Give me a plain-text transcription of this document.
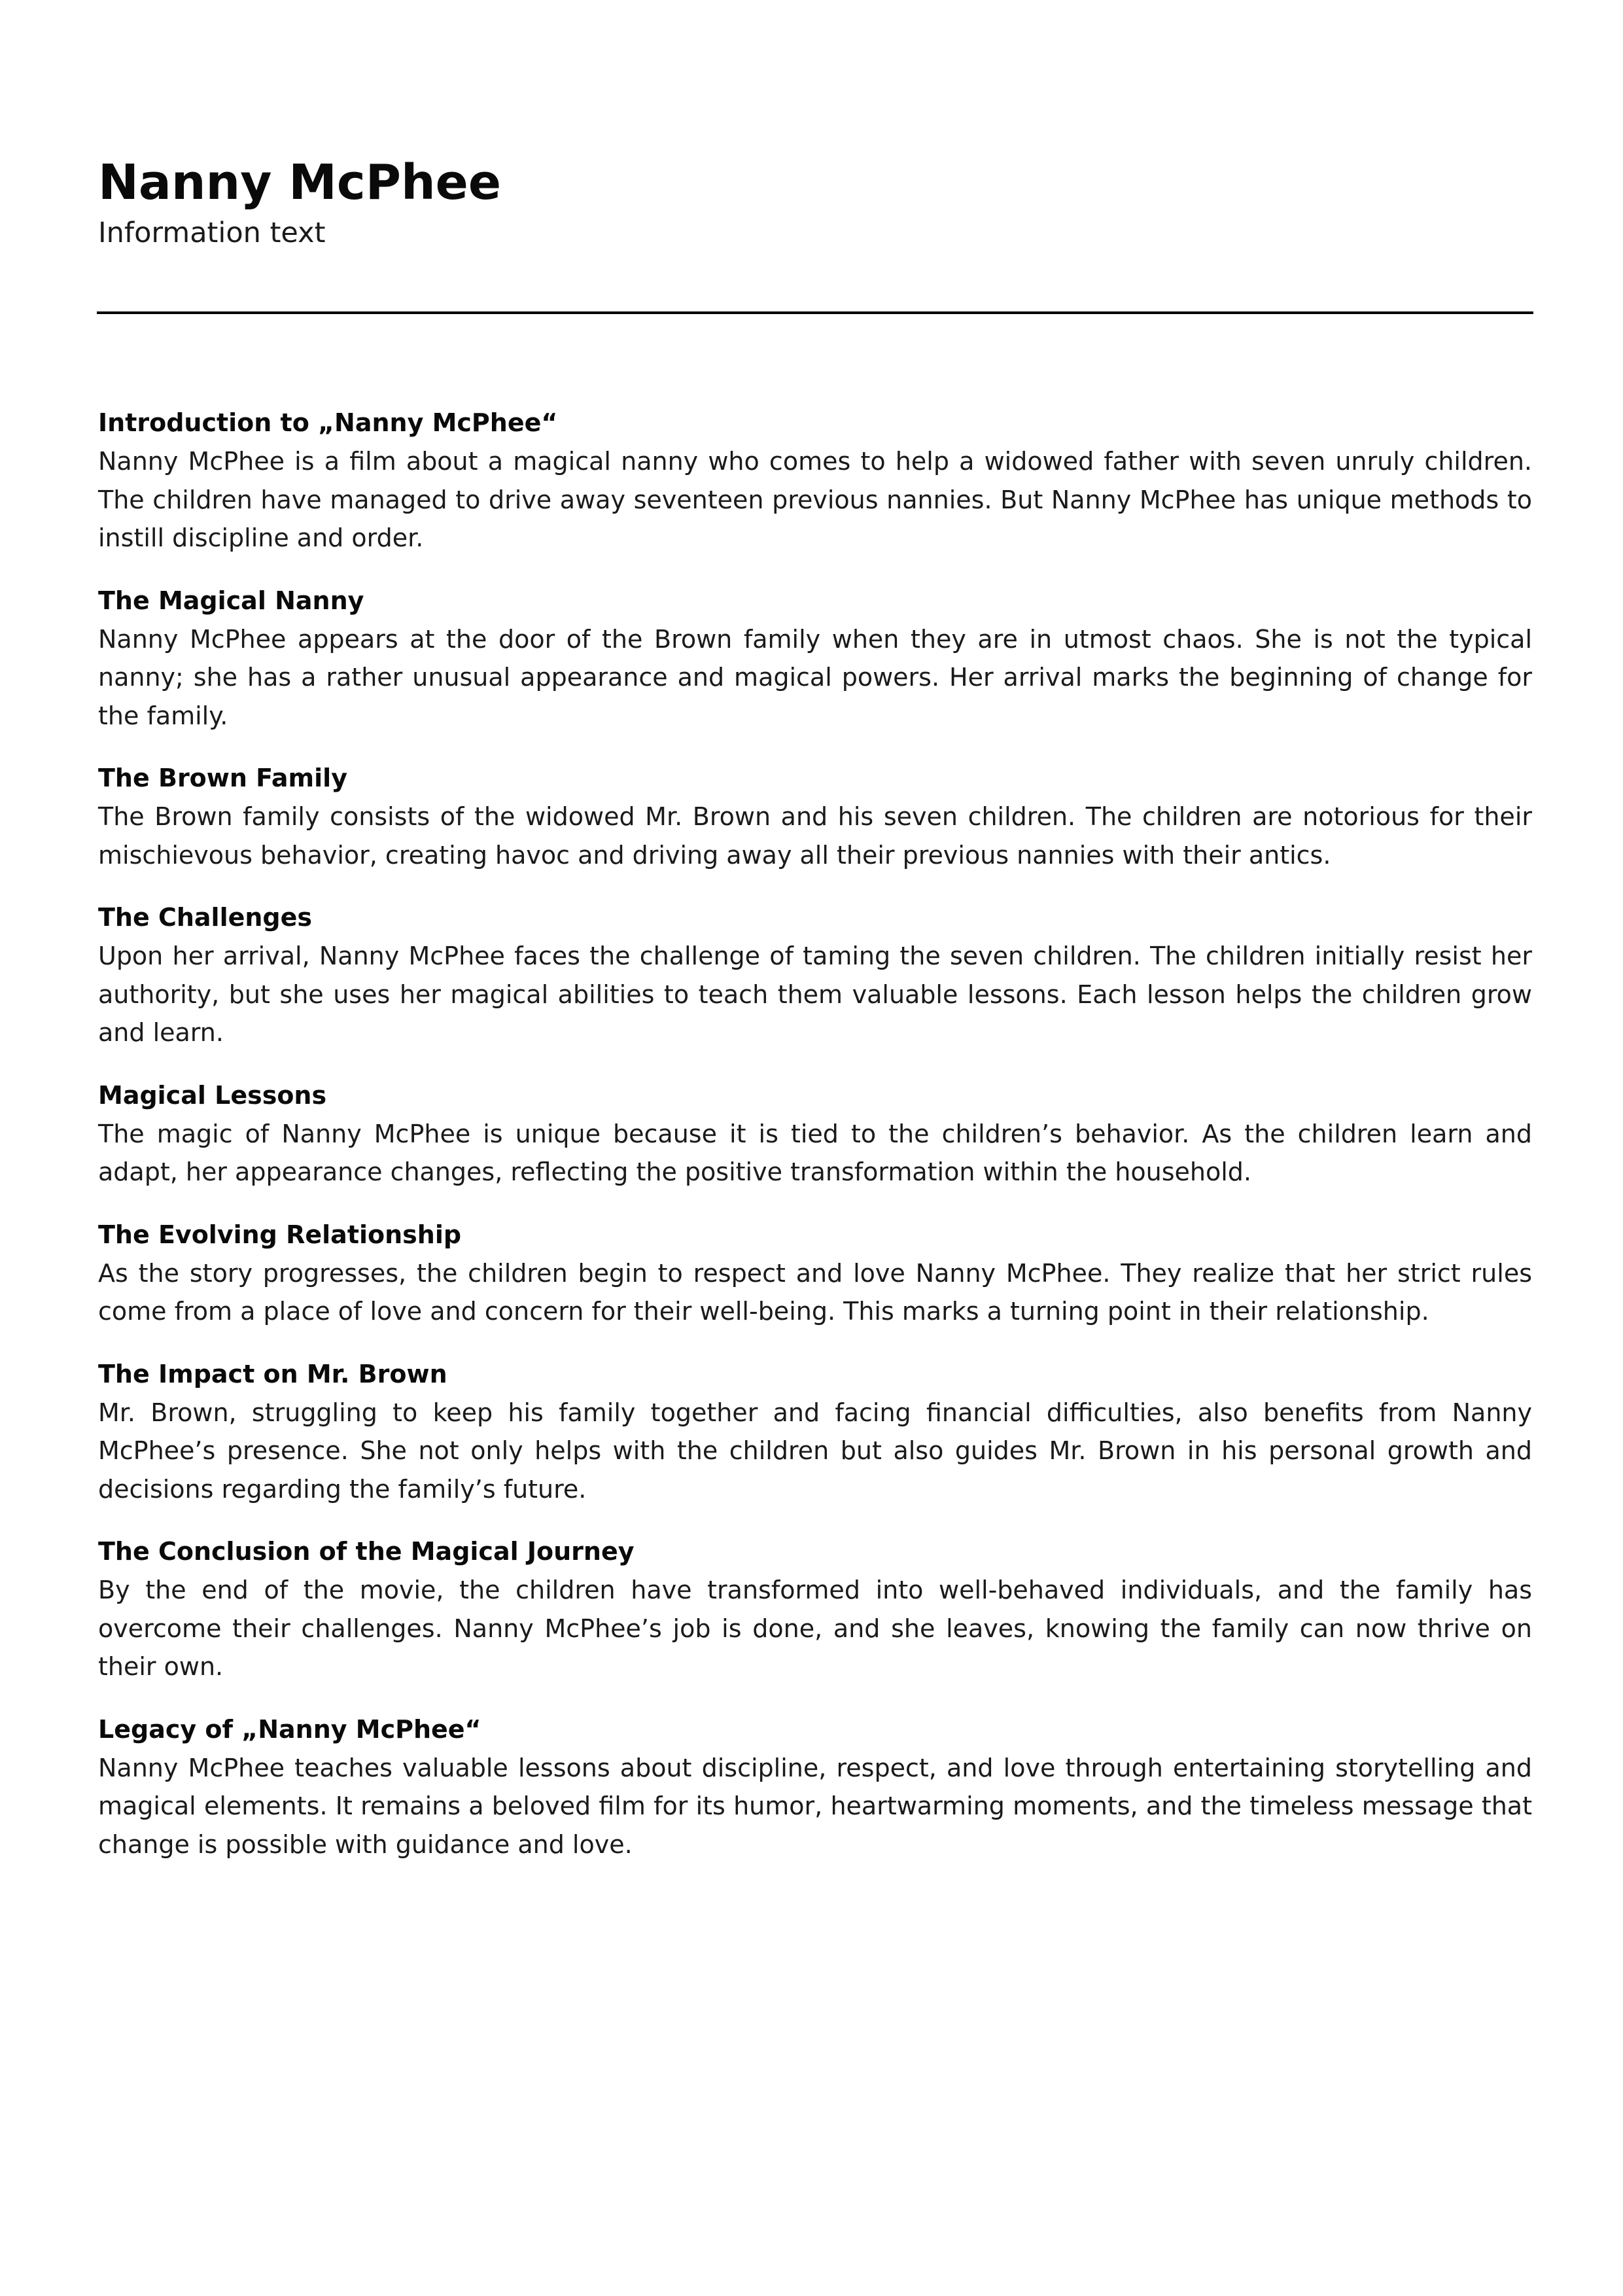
Nanny McPhee
Information text
Introduction to „Nanny McPhee“

Nanny McPhee is a film about a magical nanny who comes to help a widowed father with seven unruly children. The children have managed to drive away seventeen previous nannies. But Nanny McPhee has unique methods to instill discipline and order.

The Magical Nanny

Nanny McPhee appears at the door of the Brown family when they are in utmost chaos. She is not the typical nanny; she has a rather unusual appearance and magical powers. Her arrival marks the beginning of change for the family.

The Brown Family

The Brown family consists of the widowed Mr. Brown and his seven children. The children are notorious for their mischievous behavior, creating havoc and driving away all their previous nannies with their antics.

The Challenges

Upon her arrival, Nanny McPhee faces the challenge of taming the seven children. The children initially resist her authority, but she uses her magical abilities to teach them valuable lessons. Each lesson helps the children grow and learn.

Magical Lessons

The magic of Nanny McPhee is unique because it is tied to the children’s behavior. As the children learn and adapt, her appearance changes, reflecting the positive transformation within the household.

The Evolving Relationship

As the story progresses, the children begin to respect and love Nanny McPhee. They realize that her strict rules come from a place of love and concern for their well-being. This marks a turning point in their relationship.

The Impact on Mr. Brown

Mr. Brown, struggling to keep his family together and facing financial difficulties, also benefits from Nanny McPhee’s presence. She not only helps with the children but also guides Mr. Brown in his personal growth and decisions regarding the family’s future.

The Conclusion of the Magical Journey

By the end of the movie, the children have transformed into well-behaved individuals, and the family has overcome their challenges. Nanny McPhee’s job is done, and she leaves, knowing the family can now thrive on their own.

Legacy of „Nanny McPhee“

Nanny McPhee teaches valuable lessons about discipline, respect, and love through entertaining storytelling and magical elements. It remains a beloved film for its humor, heartwarming moments, and the timeless message that change is possible with guidance and love.
